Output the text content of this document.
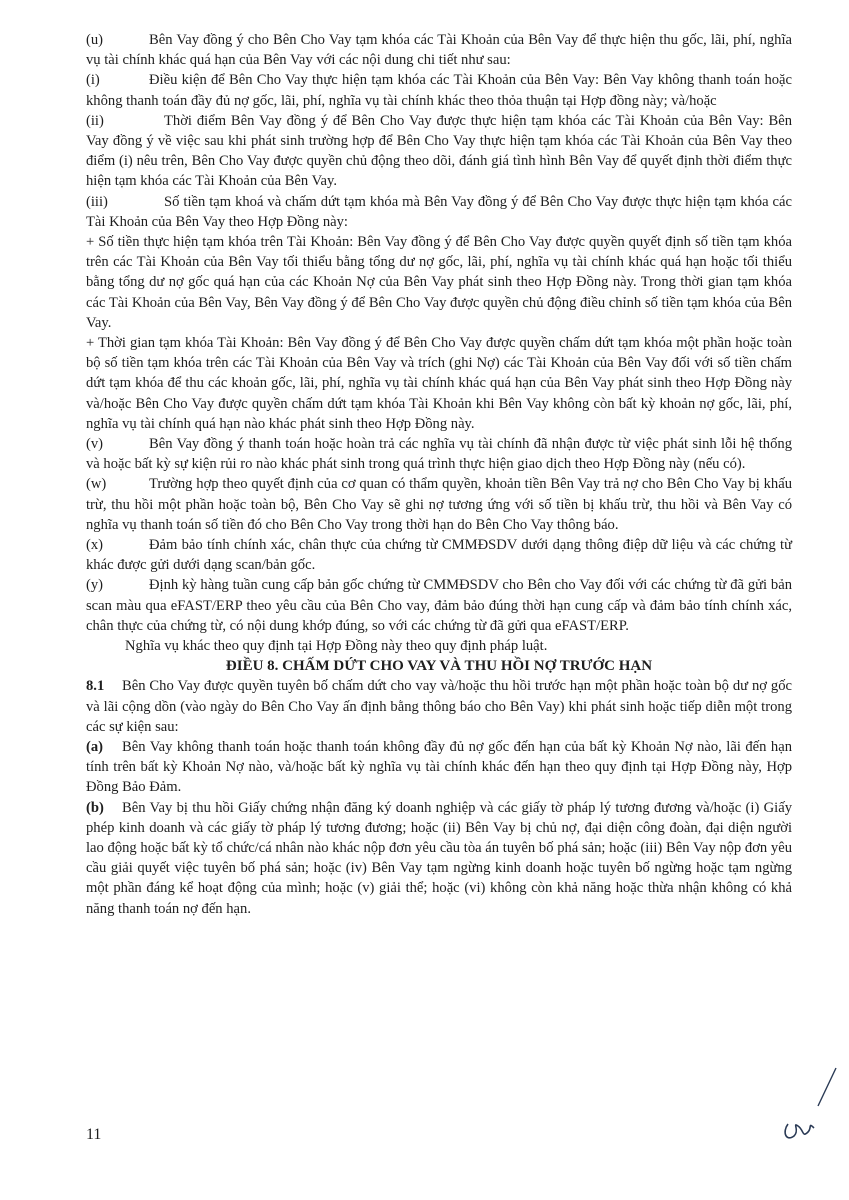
(u)	Bên Vay đồng ý cho Bên Cho Vay tạm khóa các Tài Khoản của Bên Vay để thực hiện thu gốc, lãi, phí, nghĩa vụ tài chính khác quá hạn của Bên Vay với các nội dung chi tiết như sau:

(i)	Điều kiện để Bên Cho Vay thực hiện tạm khóa các Tài Khoản của Bên Vay: Bên Vay không thanh toán hoặc không thanh toán đầy đủ nợ gốc, lãi, phí, nghĩa vụ tài chính khác theo thỏa thuận tại Hợp đồng này; và/hoặc

(ii)	Thời điểm Bên Vay đồng ý để Bên Cho Vay được thực hiện tạm khóa các Tài Khoản của Bên Vay: Bên Vay đồng ý về việc sau khi phát sinh trường hợp để Bên Cho Vay thực hiện tạm khóa các Tài Khoản của Bên Vay theo điểm (i) nêu trên, Bên Cho Vay được quyền chủ động theo dõi, đánh giá tình hình Bên Vay để quyết định thời điểm thực hiện tạm khóa các Tài Khoản của Bên Vay.

(iii)	Số tiền tạm khoá và chấm dứt tạm khóa mà Bên Vay đồng ý để Bên Cho Vay được thực hiện tạm khóa các Tài Khoản của Bên Vay theo Hợp Đồng này:

+ Số tiền thực hiện tạm khóa trên Tài Khoản: Bên Vay đồng ý để Bên Cho Vay được quyền quyết định số tiền tạm khóa trên các Tài Khoản của Bên Vay tối thiểu bằng tổng dư nợ gốc, lãi, phí, nghĩa vụ tài chính khác quá hạn hoặc tối thiểu bằng tổng dư nợ gốc quá hạn của các Khoản Nợ của Bên Vay phát sinh theo Hợp Đồng này. Trong thời gian tạm khóa các Tài Khoản của Bên Vay, Bên Vay đồng ý để Bên Cho Vay được quyền chủ động điều chỉnh số tiền tạm khóa của Bên Vay.

+ Thời gian tạm khóa Tài Khoản: Bên Vay đồng ý để Bên Cho Vay được quyền chấm dứt tạm khóa một phần hoặc toàn bộ số tiền tạm khóa trên các Tài Khoản của Bên Vay và trích (ghi Nợ) các Tài Khoản của Bên Vay đối với số tiền chấm dứt tạm khóa để thu các khoản gốc, lãi, phí, nghĩa vụ tài chính khác quá hạn của Bên Vay phát sinh theo Hợp Đồng này và/hoặc Bên Cho Vay được quyền chấm dứt tạm khóa Tài Khoản khi Bên Vay không còn bất kỳ khoản nợ gốc, lãi, phí, nghĩa vụ tài chính quá hạn nào khác phát sinh theo Hợp Đồng này.

(v)	Bên Vay đồng ý thanh toán hoặc hoàn trả các nghĩa vụ tài chính đã nhận được từ việc phát sinh lỗi hệ thống và hoặc bất kỳ sự kiện rủi ro nào khác phát sinh trong quá trình thực hiện giao dịch theo Hợp Đồng này (nếu có).

(w)	Trường hợp theo quyết định của cơ quan có thẩm quyền, khoản tiền Bên Vay trả nợ cho Bên Cho Vay bị khấu trừ, thu hồi một phần hoặc toàn bộ, Bên Cho Vay sẽ ghi nợ tương ứng với số tiền bị khấu trừ, thu hồi và Bên Vay có nghĩa vụ thanh toán số tiền đó cho Bên Cho Vay trong thời hạn do Bên Cho Vay thông báo.

(x)	Đảm bảo tính chính xác, chân thực của chứng từ CMMĐSDV dưới dạng thông điệp dữ liệu và các chứng từ khác được gửi dưới dạng scan/bản gốc.

(y)	Định kỳ hàng tuần cung cấp bản gốc chứng từ CMMĐSDV cho Bên cho Vay đối với các chứng từ đã gửi bản scan màu qua eFAST/ERP theo yêu cầu của Bên Cho vay, đảm bảo đúng thời hạn cung cấp và đảm bảo tính chính xác, chân thực của chứng từ, có nội dung khớp đúng, so với các chứng từ đã gửi qua eFAST/ERP.

Nghĩa vụ khác theo quy định tại Hợp Đồng này theo quy định pháp luật.

ĐIỀU 8. CHẤM DỨT CHO VAY VÀ THU HỒI NỢ TRƯỚC HẠN

8.1 Bên Cho Vay được quyền tuyên bố chấm dứt cho vay và/hoặc thu hồi trước hạn một phần hoặc toàn bộ dư nợ gốc và lãi cộng dồn (vào ngày do Bên Cho Vay ấn định bằng thông báo cho Bên Vay) khi phát sinh hoặc tiếp diễn một trong các sự kiện sau:

(a) Bên Vay không thanh toán hoặc thanh toán không đầy đủ nợ gốc đến hạn của bất kỳ Khoản Nợ nào, lãi đến hạn tính trên bất kỳ Khoản Nợ nào, và/hoặc bất kỳ nghĩa vụ tài chính khác đến hạn theo quy định tại Hợp Đồng này, Hợp Đồng Bảo Đảm.

(b) Bên Vay bị thu hồi Giấy chứng nhận đăng ký doanh nghiệp và các giấy tờ pháp lý tương đương và/hoặc (i) Giấy phép kinh doanh và các giấy tờ pháp lý tương đương; hoặc (ii) Bên Vay bị chủ nợ, đại diện công đoàn, đại diện người lao động hoặc bất kỳ tổ chức/cá nhân nào khác nộp đơn yêu cầu tòa án tuyên bố phá sản; hoặc (iii) Bên Vay nộp đơn yêu cầu giải quyết việc tuyên bố phá sản; hoặc (iv) Bên Vay tạm ngừng kinh doanh hoặc tuyên bố ngừng hoặc tạm ngừng một phần đáng kể hoạt động của mình; hoặc (v) giải thể; hoặc (vi) không còn khả năng hoặc thừa nhận không có khả năng thanh toán nợ đến hạn.

11
